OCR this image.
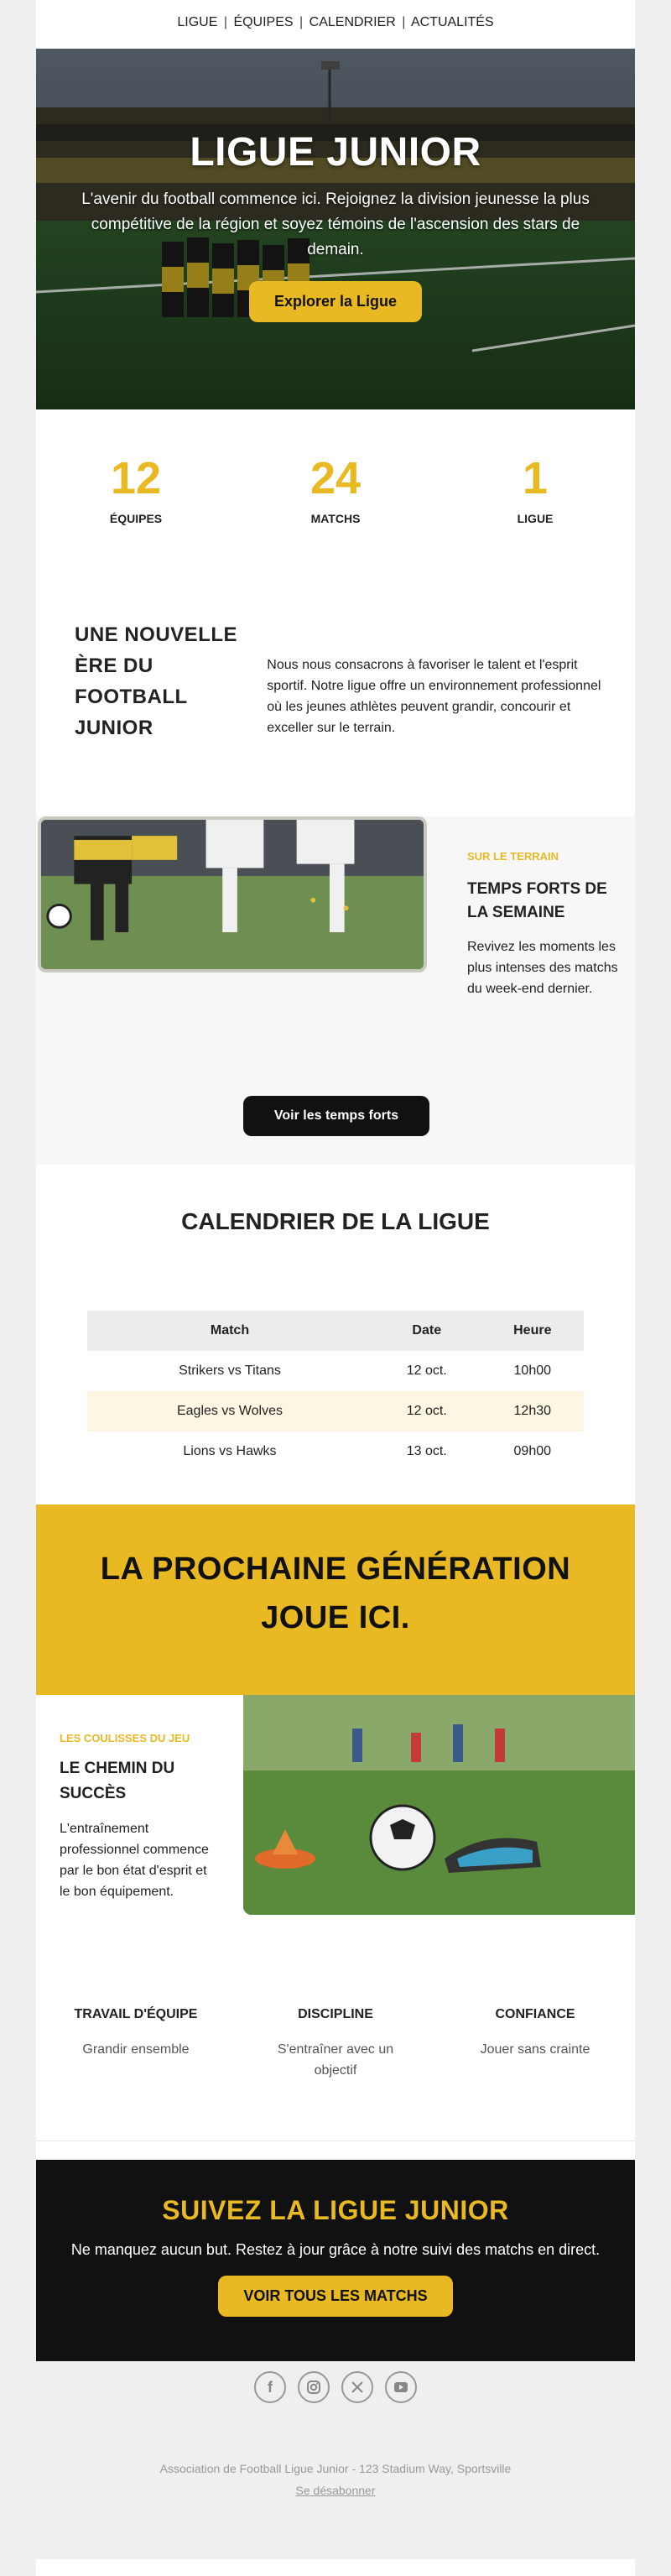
LIGUE | ÉQUIPES | CALENDRIER | ACTUALITÉS
LIGUE JUNIOR

L'avenir du football commence ici. Rejoignez la division jeunesse la plus compétitive de la région et soyez témoins de l'ascension des stars de demain.

Explorer la Ligue
12
ÉQUIPES
24
MATCHS
1
LIGUE
UNE NOUVELLE ÈRE DU FOOTBALL JUNIOR

Nous nous consacrons à favoriser le talent et l'esprit sportif. Notre ligue offre un environnement professionnel où les jeunes athlètes peuvent grandir, concourir et exceller sur le terrain.

SUR LE TERRAIN
TEMPS FORTS DE LA SEMAINE

Revivez les moments les plus intenses des matchs du week-end dernier.

Voir les temps forts
CALENDRIER DE LA LIGUE
Match	Date	Heure
Strikers vs Titans	12 oct.	10h00
Eagles vs Wolves	12 oct.	12h30
Lions vs Hawks	13 oct.	09h00
LA PROCHAINE GÉNÉRATION JOUE ICI.
LES COULISSES DU JEU
LE CHEMIN DU SUCCÈS

L'entraînement professionnel commence par le bon état d'esprit et le bon équipement.

TRAVAIL D'ÉQUIPE

Grandir ensemble

DISCIPLINE

S'entraîner avec un objectif

CONFIANCE

Jouer sans crainte

SUIVEZ LA LIGUE JUNIOR

Ne manquez aucun but. Restez à jour grâce à notre suivi des matchs en direct.

VOIR TOUS LES MATCHS
f
Association de Football Ligue Junior - 123 Stadium Way, Sportsville
Se désabonner
